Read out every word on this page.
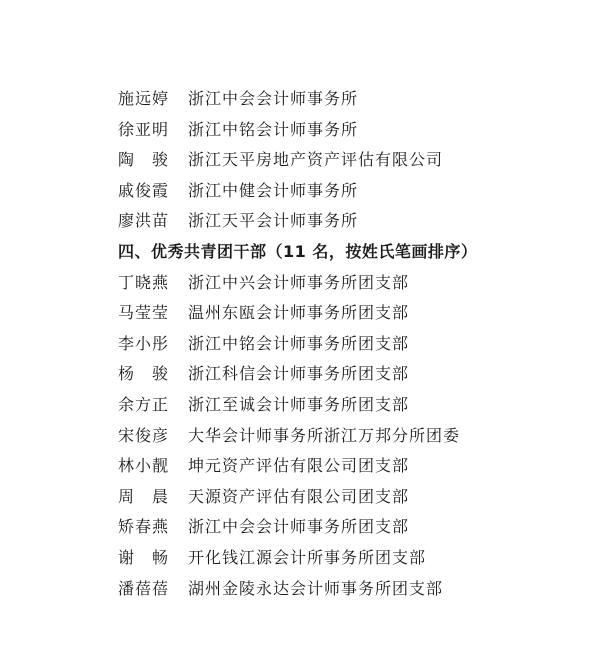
施远婷	浙江中会会计师事务所
徐亚明	浙江中铭会计师事务所
陶　骏	浙江天平房地产资产评估有限公司
戚俊霞	浙江中健会计师事务所
廖洪苗	浙江天平会计师事务所
四、优秀共青团干部（11 名，按姓氏笔画排序）
丁晓燕	浙江中兴会计师事务所团支部
马莹莹	温州东瓯会计师事务所团支部
李小彤	浙江中铭会计师事务所团支部
杨　骏	浙江科信会计师事务所团支部
余方正	浙江至诚会计师事务所团支部
宋俊彦	大华会计师事务所浙江万邦分所团委
林小靓	坤元资产评估有限公司团支部
周　晨	天源资产评估有限公司团支部
矫春燕	浙江中会会计师事务所团支部
谢　畅	开化钱江源会计所事务所团支部
潘蓓蓓	湖州金陵永达会计师事务所团支部
